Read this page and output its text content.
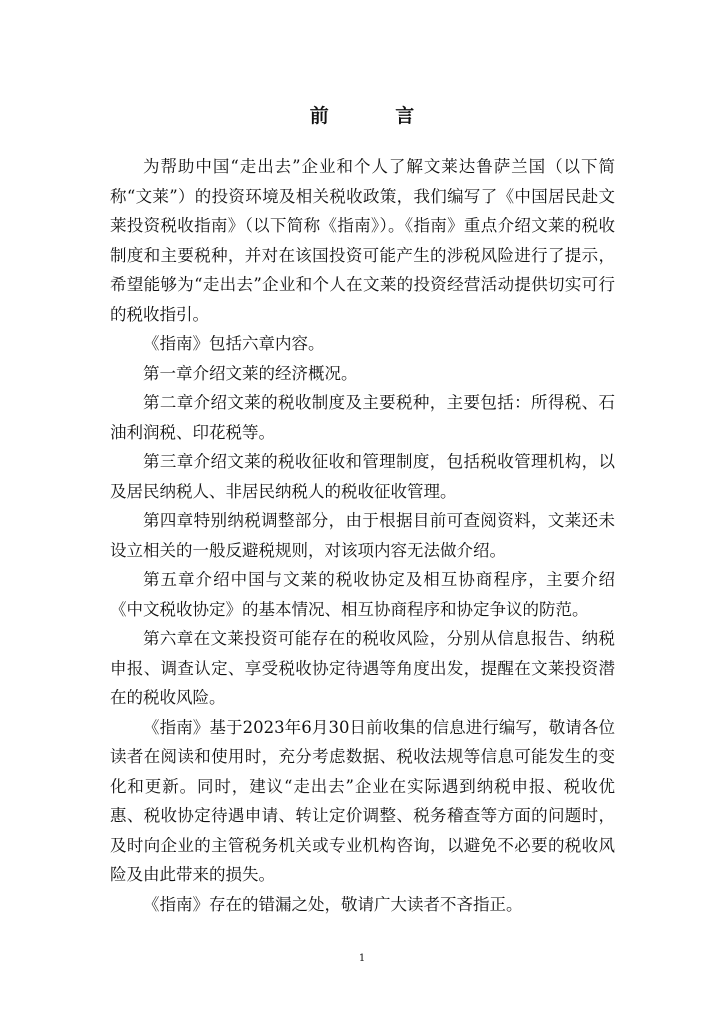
前 言

为帮助中国“走出去”企业和个人了解文莱达鲁萨兰国（以下简称“文莱”）的投资环境及相关税收政策，我们编写了《中国居民赴文莱投资税收指南》（以下简称《指南》）。《指南》重点介绍文莱的税收制度和主要税种，并对在该国投资可能产生的涉税风险进行了提示，希望能够为“走出去”企业和个人在文莱的投资经营活动提供切实可行的税收指引。

《指南》包括六章内容。

第一章介绍文莱的经济概况。

第二章介绍文莱的税收制度及主要税种，主要包括：所得税、石油利润税、印花税等。

第三章介绍文莱的税收征收和管理制度，包括税收管理机构，以及居民纳税人、非居民纳税人的税收征收管理。

第四章特别纳税调整部分，由于根据目前可查阅资料，文莱还未设立相关的一般反避税规则，对该项内容无法做介绍。

第五章介绍中国与文莱的税收协定及相互协商程序，主要介绍《中文税收协定》的基本情况、相互协商程序和协定争议的防范。

第六章在文莱投资可能存在的税收风险，分别从信息报告、纳税申报、调查认定、享受税收协定待遇等角度出发，提醒在文莱投资潜在的税收风险。

《指南》基于2023年6月30日前收集的信息进行编写，敬请各位读者在阅读和使用时，充分考虑数据、税收法规等信息可能发生的变化和更新。同时，建议“走出去”企业在实际遇到纳税申报、税收优惠、税收协定待遇申请、转让定价调整、税务稽查等方面的问题时，及时向企业的主管税务机关或专业机构咨询，以避免不必要的税收风险及由此带来的损失。

《指南》存在的错漏之处，敬请广大读者不吝指正。

1
